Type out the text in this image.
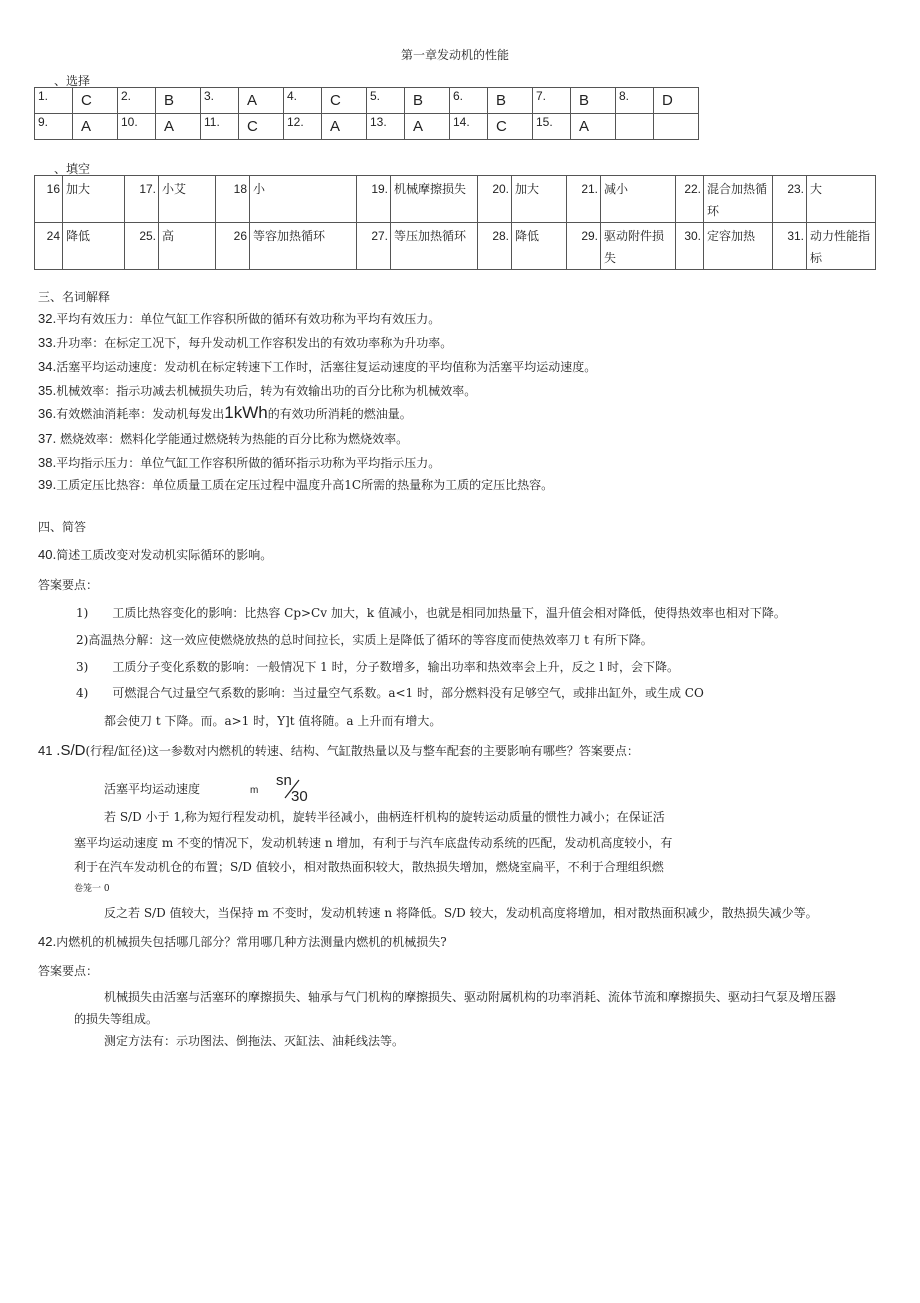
第一章发动机的性能
、选择
1.	C	2.	B	3.	A	4.	C	5.	B	6.	B	7.	B	8.	D
9.	A	10.	A	11.	C	12.	A	13.	A	14.	C	15.	A		
、填空
16	加大	17.	小艾	18	小	19.	机械摩擦损失	20.	加大	21.	减小	22.	混合加热循环	23.	大
24	降低	25.	高	26	等容加热循环	27.	等压加热循环	28.	降低	29.	驱动附件损失	30.	定容加热	31.	动力性能指标
三、名词解释
32.平均有效压力：单位气缸工作容积所做的循环有效功称为平均有效压力。
33.升功率：在标定工况下，每升发动机工作容积发出的有效功率称为升功率。
34.活塞平均运动速度：发动机在标定转速下工作时，活塞往复运动速度的平均值称为活塞平均运动速度。
35.机械效率：指示功减去机械损失功后，转为有效输出功的百分比称为机械效率。
36.有效燃油消耗率：发动机每发出1kWh的有效功所消耗的燃油量。
37. 燃烧效率：燃料化学能通过燃烧转为热能的百分比称为燃烧效率。
38.平均指示压力：单位气缸工作容积所做的循环指示功称为平均指示压力。
39.工质定压比热容：单位质量工质在定压过程中温度升高1C所需的热量称为工质的定压比热容。
四、简答
40.简述工质改变对发动机实际循环的影响。
答案要点：
1)　　工质比热容变化的影响：比热容 Cp>Cv 加大，k 值减小，也就是相同加热量下，温升值会相对降低，使得热效率也相对下降。
2)高温热分解：这一效应使燃烧放热的总时间拉长，实质上是降低了循环的等容度而使热效率刀 t 有所下降。
3)　　工质分子变化系数的影响：一般情况下 1 时，分子数增多，输出功率和热效率会上升，反之 l 时，会下降。
4)　　可燃混合气过量空气系数的影响：当过量空气系数。a<1 时，部分燃料没有足够空气，或排出缸外，或生成 CO
都会使刀 t 下降。而。a>1 时，Y]t 值将随。a 上升而有增大。
41 .S/D(行程/缸径)这一参数对内燃机的转速、结构、气缸散热量以及与整车配套的主要影响有哪些？答案要点：
活塞平均运动速度	m
sn
30
若 S/D 小于 1,称为短行程发动机，旋转半径减小，曲柄连杆机构的旋转运动质量的惯性力减小；在保证活
塞平均运动速度 m 不变的情况下，发动机转速 n 增加，有利于与汽车底盘传动系统的匹配，发动机高度较小，有
利于在汽车发动机仓的布置；S/D 值较小，相对散热面积较大，散热损失增加，燃烧室扁平，不利于合理组织燃
卷笼一 0
反之若 S/D 值较大，当保持 m 不变时，发动机转速 n 将降低。S/D 较大，发动机高度将增加，相对散热面积减少，散热损失减少等。
42.内燃机的机械损失包括哪几部分？常用哪几种方法测量内燃机的机械损失?
答案要点：
机械损失由活塞与活塞环的摩擦损失、轴承与气门机构的摩擦损失、驱动附属机构的功率消耗、流体节流和摩擦损失、驱动扫气泵及增压器
的损失等组成。
测定方法有：示功图法、倒拖法、灭缸法、油耗线法等。
